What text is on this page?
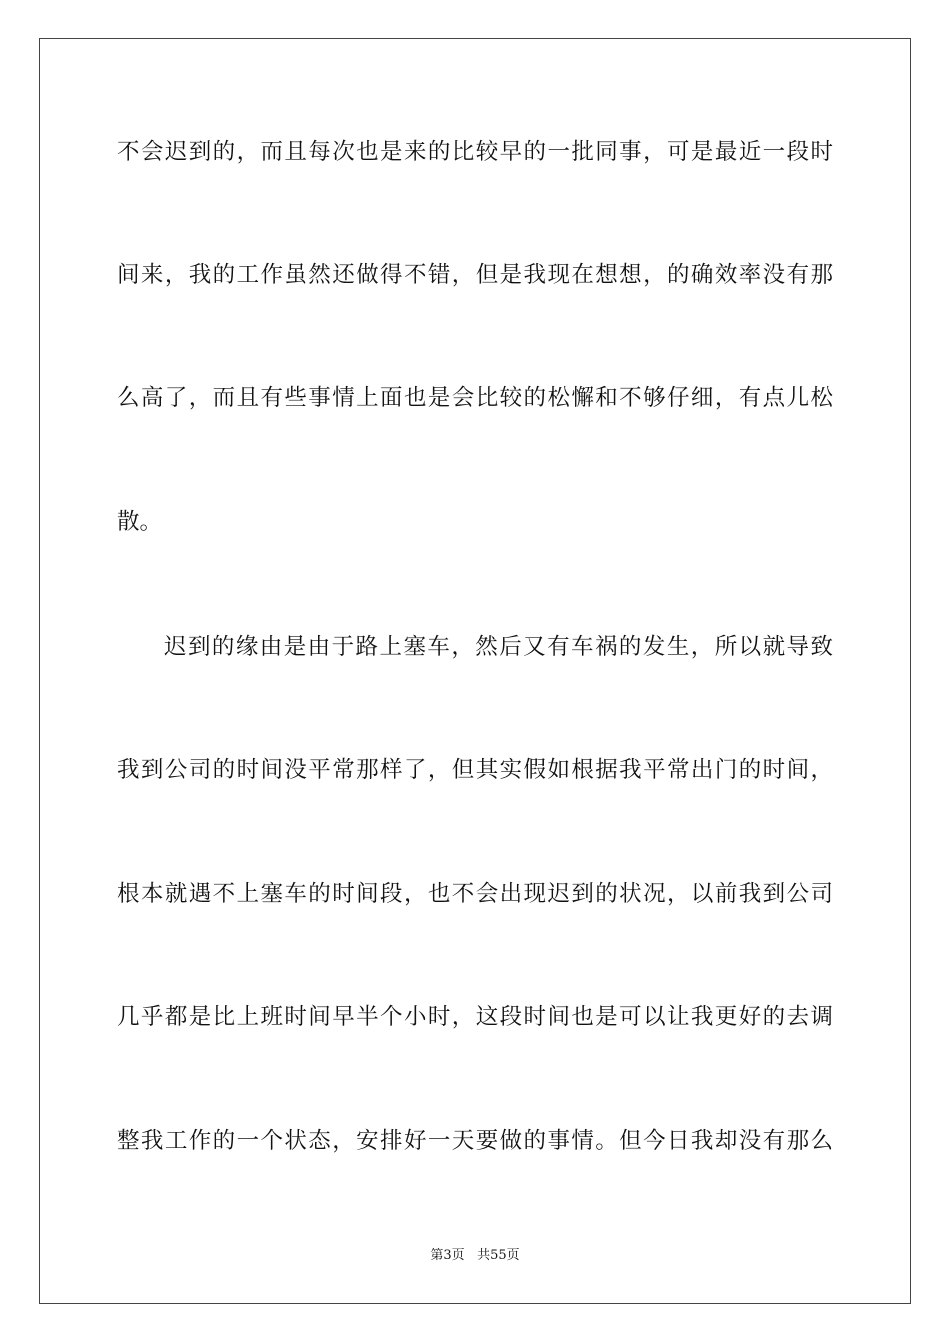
不会迟到的，而且每次也是来的比较早的一批同事，可是最近一段时
间来，我的工作虽然还做得不错，但是我现在想想，的确效率没有那
么高了，而且有些事情上面也是会比较的松懈和不够仔细，有点儿松
散。
迟到的缘由是由于路上塞车，然后又有车祸的发生，所以就导致
我到公司的时间没平常那样了，但其实假如根据我平常出门的时间，
根本就遇不上塞车的时间段，也不会出现迟到的状况，以前我到公司
几乎都是比上班时间早半个小时，这段时间也是可以让我更好的去调
整我工作的一个状态，安排好一天要做的事情。但今日我却没有那么
第3页 共55页
